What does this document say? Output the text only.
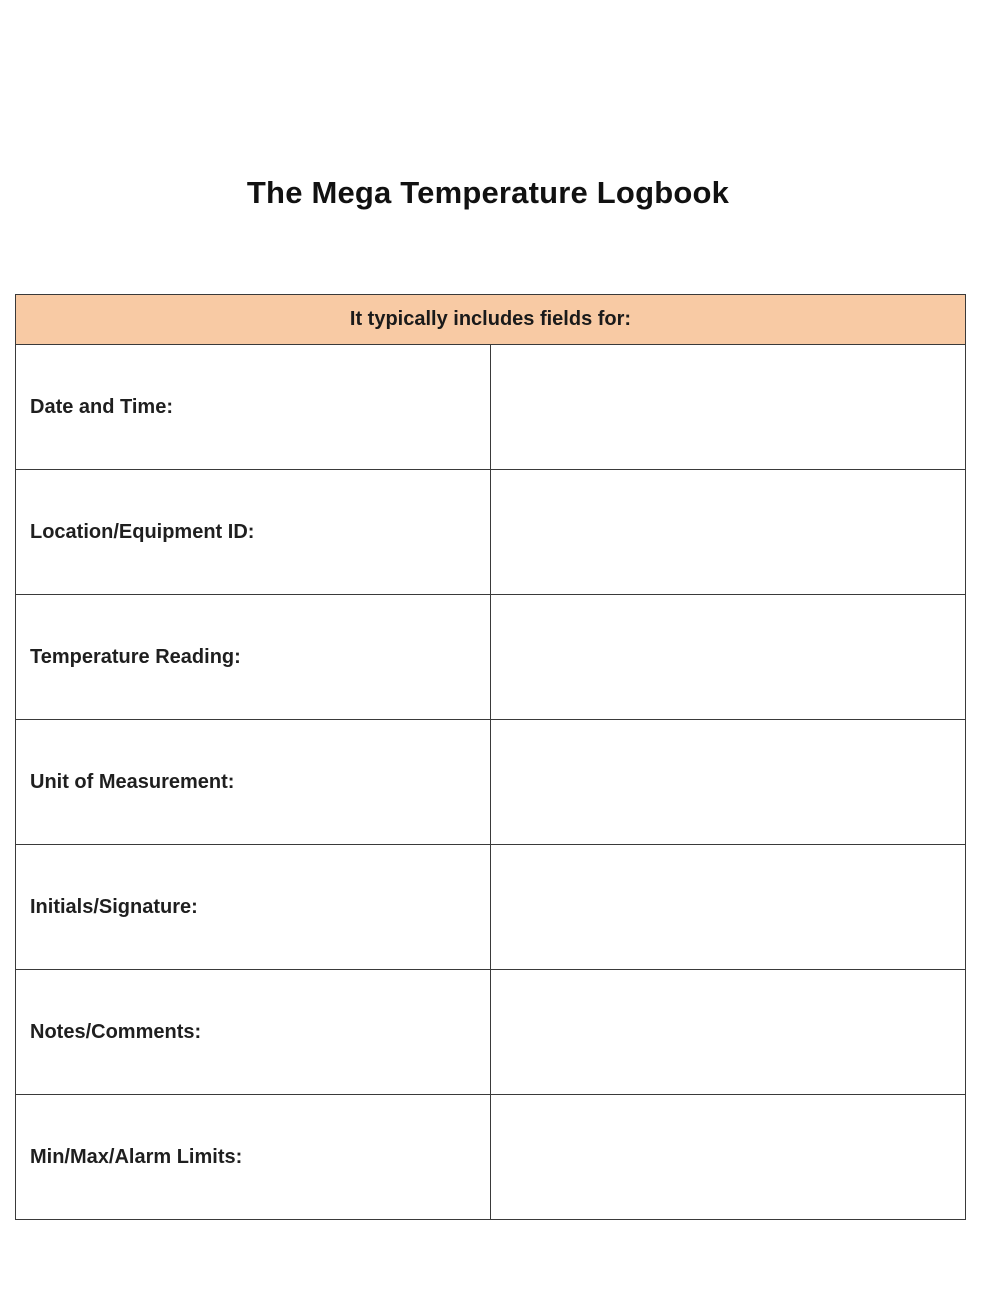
The Mega Temperature Logbook
It typically includes fields for:	
Date and Time:	
Location/Equipment ID:	
Temperature Reading:	
Unit of Measurement:	
Initials/Signature:	
Notes/Comments:	
Min/Max/Alarm Limits:	
